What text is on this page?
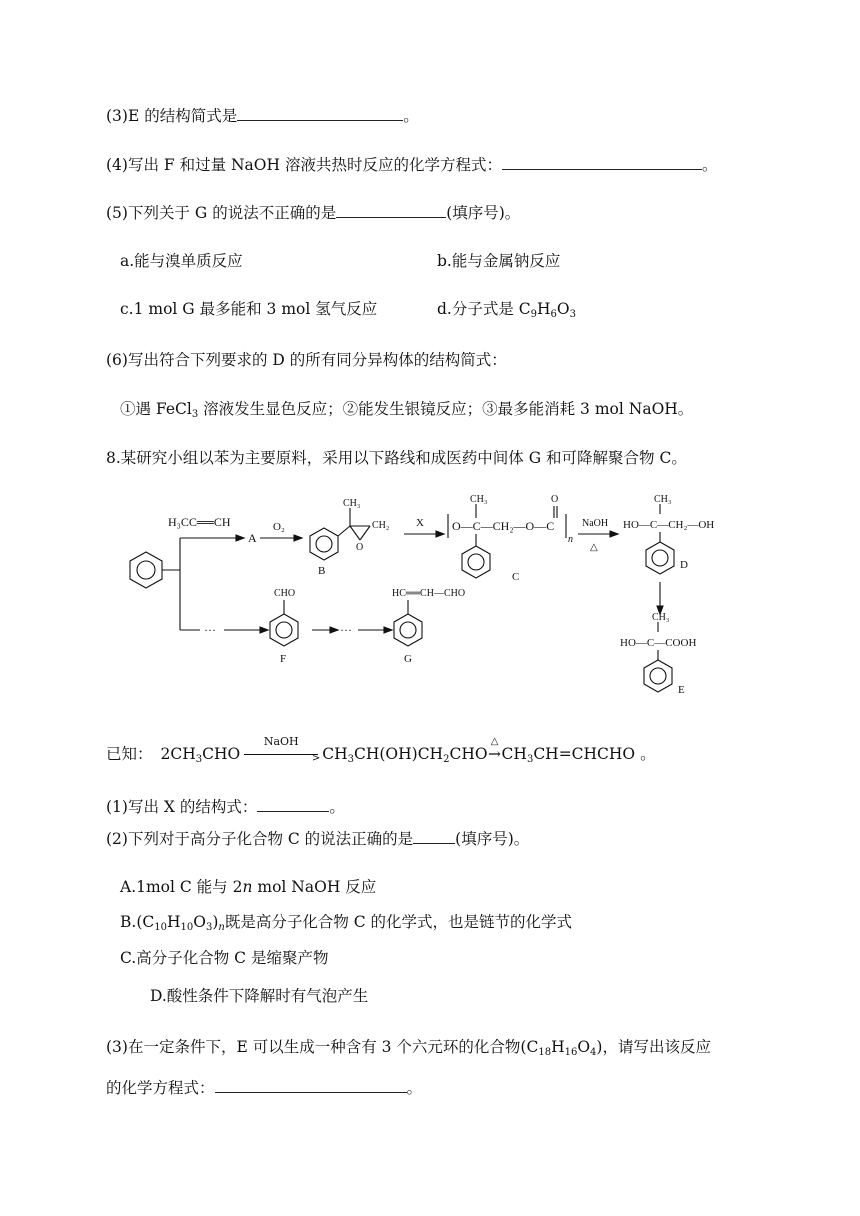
(3)E 的结构简式是	。
(4)写出 F 和过量 NaOH 溶液共热时反应的化学方程式：	。
(5)下列关于 G 的说法不正确的是	(填序号)。
a.能与溴单质反应	b.能与金属钠反应
c.1 mol G 最多能和 3 mol 氢气反应	d.分子式是 $C_9H_6O_3$
(6)写出符合下列要求的 D 的所有同分异构体的结构简式：
①遇 FeCl$_3$ 溶液发生显色反应；②能发生银镜反应；③最多能消耗 3 mol NaOH。
8.某研究小组以苯为主要原料，采用以下路线和成医药中间体 G 和可降解聚合物 C。
H₃CC══CH
A
O₂
CH₃
CH₂
O
B
X O—C—CH₂—O—C
CH₃	O
n
C
NaOH
△
HO—C—CH₂—OH
CH₃
D
HO—C—COOH
CH₃
E
···
CHO
F
···
HC══CH—CHO
G
已知： $2CH_3CHO$
NaOH
> $CH_3CH(OH)CH_2CHO$
△
$\to CH_3CH=CHCHO$ 。
(1)写出 X 的结构式：	。
(2)下列对于高分子化合物 C 的说法正确的是	(填序号)。
A.1mol C 能与 2n mol NaOH 反应
$B.(C_{10}H_{10}O_3)_n$既是高分子化合物 C 的化学式，也是链节的化学式
C.高分子化合物 C 是缩聚产物
D.酸性条件下降解时有气泡产生
(3)在一定条件下，E 可以生成一种含有 3 个六元环的化合物$(C_{18}H_{16}O_4)$，请写出该反应
的化学方程式：	。
